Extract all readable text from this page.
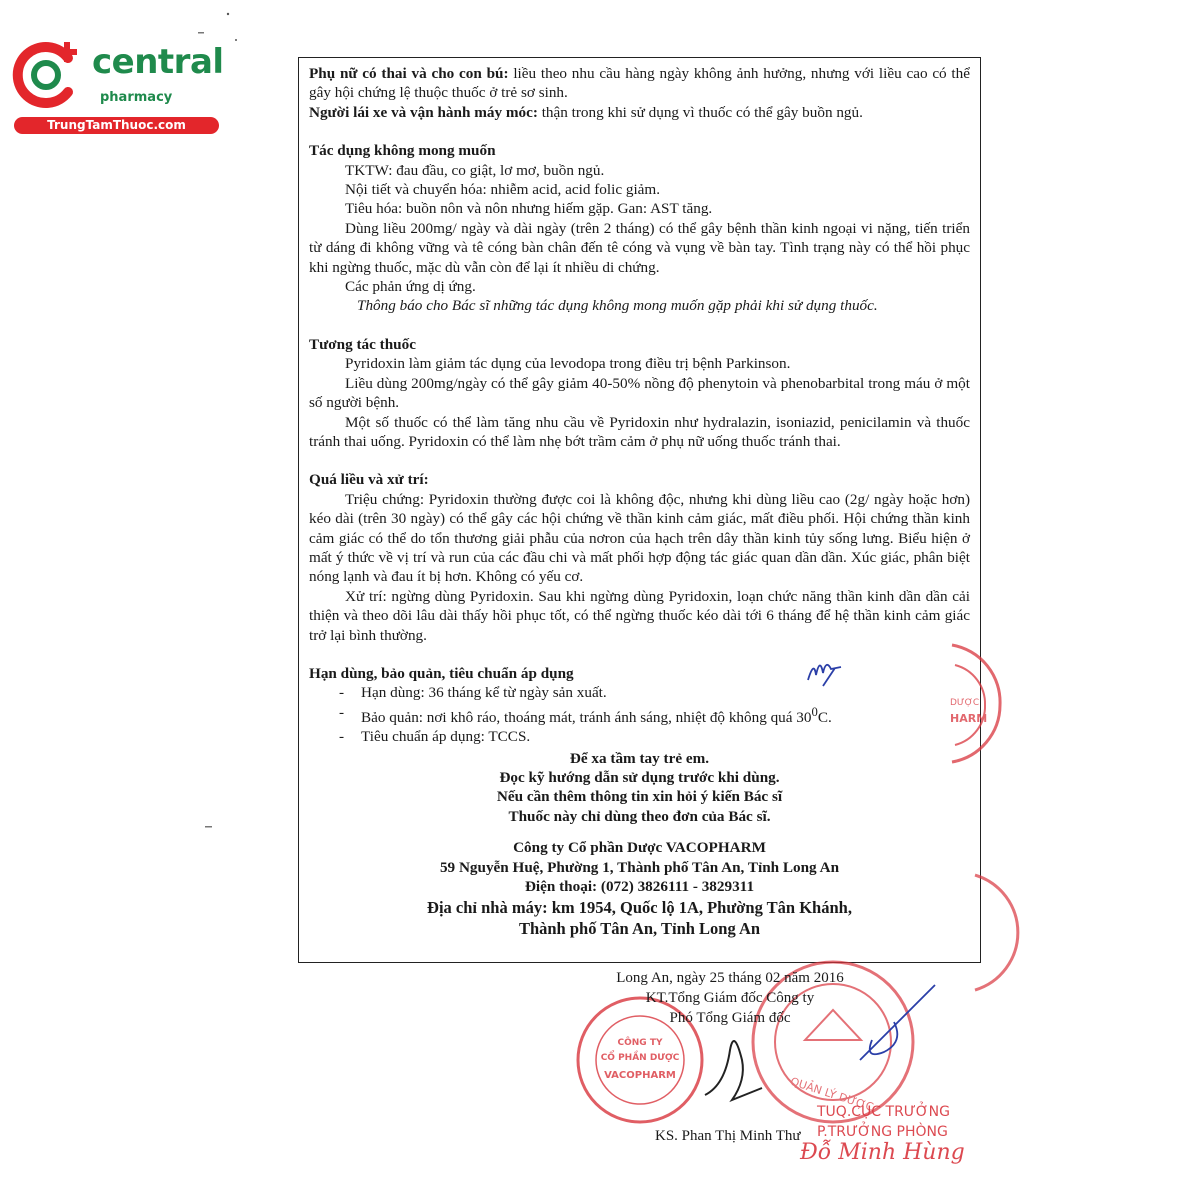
central
pharmacy
TrungTamThuoc.com

Phụ nữ có thai và cho con bú: liều theo nhu cầu hàng ngày không ảnh hưởng, nhưng với liều cao có thể gây hội chứng lệ thuộc thuốc ở trẻ sơ sinh.

Người lái xe và vận hành máy móc: thận trong khi sử dụng vì thuốc có thể gây buồn ngủ.

Tác dụng không mong muốn

TKTW: đau đầu, co giật, lơ mơ, buồn ngủ.

Nội tiết và chuyển hóa: nhiễm acid, acid folic giảm.

Tiêu hóa: buồn nôn và nôn nhưng hiếm gặp. Gan: AST tăng.

Dùng liều 200mg/ ngày và dài ngày (trên 2 tháng) có thể gây bệnh thần kinh ngoại vi nặng, tiến triển từ dáng đi không vững và tê cóng bàn chân đến tê cóng và vụng về bàn tay. Tình trạng này có thể hồi phục khi ngừng thuốc, mặc dù vẫn còn để lại ít nhiều di chứng.

Các phản ứng dị ứng.

Thông báo cho Bác sĩ những tác dụng không mong muốn gặp phải khi sử dụng thuốc.

Tương tác thuốc

Pyridoxin làm giảm tác dụng của levodopa trong điều trị bệnh Parkinson.

Liều dùng 200mg/ngày có thể gây giảm 40-50% nồng độ phenytoin và phenobarbital trong máu ở một số người bệnh.

Một số thuốc có thể làm tăng nhu cầu về Pyridoxin như hydralazin, isoniazid, penicilamin và thuốc tránh thai uống. Pyridoxin có thể làm nhẹ bớt trầm cảm ở phụ nữ uống thuốc tránh thai.

Quá liều và xử trí:

Triệu chứng: Pyridoxin thường được coi là không độc, nhưng khi dùng liều cao (2g/ ngày hoặc hơn) kéo dài (trên 30 ngày) có thể gây các hội chứng về thần kinh cảm giác, mất điều phối. Hội chứng thần kinh cảm giác có thể do tổn thương giải phẫu của nơron của hạch trên dây thần kinh tủy sống lưng. Biểu hiện ở mất ý thức về vị trí và run của các đầu chi và mất phối hợp động tác giác quan dần dần. Xúc giác, phân biệt nóng lạnh và đau ít bị hơn. Không có yếu cơ.

Xử trí: ngừng dùng Pyridoxin. Sau khi ngừng dùng Pyridoxin, loạn chức năng thần kinh dần dần cải thiện và theo dõi lâu dài thấy hồi phục tốt, có thể ngừng thuốc kéo dài tới 6 tháng để hệ thần kinh cảm giác trở lại bình thường.

Hạn dùng, bảo quản, tiêu chuẩn áp dụng

- Hạn dùng: 36 tháng kể từ ngày sản xuất.
- Bảo quản: nơi khô ráo, thoáng mát, tránh ánh sáng, nhiệt độ không quá $30^0C$.
- Tiêu chuẩn áp dụng: TCCS.

Để xa tầm tay trẻ em.

Đọc kỹ hướng dẫn sử dụng trước khi dùng.

Nếu cần thêm thông tin xin hỏi ý kiến Bác sĩ

Thuốc này chỉ dùng theo đơn của Bác sĩ.

Công ty Cổ phần Dược VACOPHARM

59 Nguyễn Huệ, Phường 1, Thành phố Tân An, Tỉnh Long An

Điện thoại: (072) 3826111 - 3829311

Địa chỉ nhà máy: km 1954, Quốc lộ 1A, Phường Tân Khánh,

Thành phố Tân An, Tỉnh Long An

HARM
DƯỢC
QUẢN LÝ DƯỢC
CÔNG TY
CỔ PHẦN DƯỢC
VACOPHARM
Long An, ngày 25 tháng 02 năm 2016
KT.Tổng Giám đốc Công ty
Phó Tổng Giám đốc
KS. Phan Thị Minh Thư
TUQ.CỤC TRƯỞNG
P.TRƯỞNG PHÒNG
Đỗ Minh Hùng
